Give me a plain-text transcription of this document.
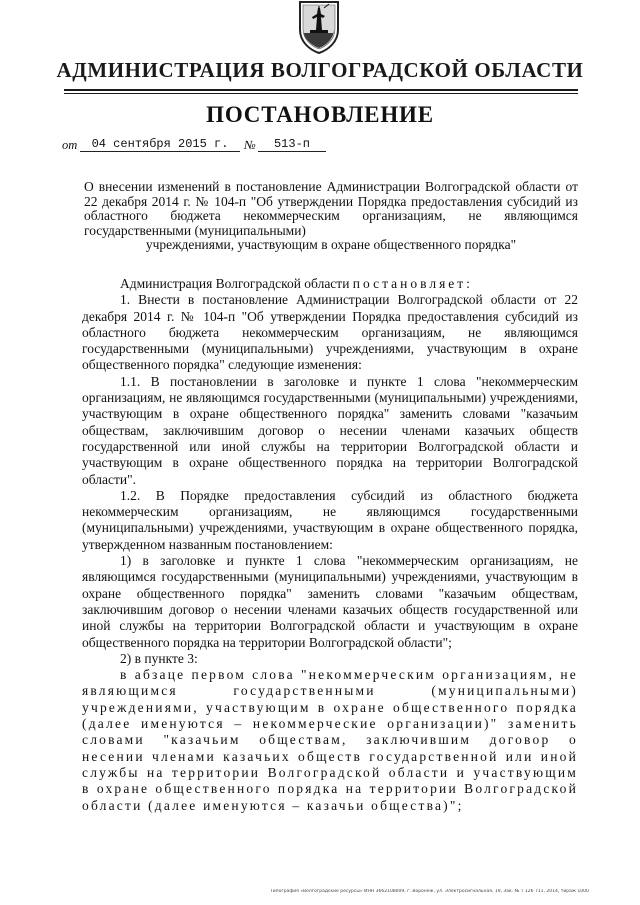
АДМИНИСТРАЦИЯ ВОЛГОГРАДСКОЙ ОБЛАСТИ
ПОСТАНОВЛЕНИЕ
от	04 сентября 2015 г.	№	513-п
О внесении изменений в постановление Администрации Волгоградской области от 22 декабря 2014 г. № 104-п "Об утверждении Порядка предоставления субсидий из областного бюджета некоммерческим организациям, не являющимся государственными (муниципальными)
учреждениями, участвующим в охране общественного порядка"

Администрация Волгоградской области постановляет:

1. Внести в постановление Администрации Волгоградской области от 22 декабря 2014 г. № 104-п "Об утверждении Порядка предоставления субсидий из областного бюджета некоммерческим организациям, не являющимся государственными (муниципальными) учреждениями, участвующим в охране общественного порядка" следующие изменения:

1.1. В постановлении в заголовке и пункте 1 слова "некоммерческим организациям, не являющимся государственными (муниципальными) учреждениями, участвующим в охране общественного порядка" заменить словами "казачьим обществам, заключившим договор о несении членами казачьих обществ государственной или иной службы на территории Волгоградской области и участвующим в охране общественного порядка на территории Волгоградской области".

1.2. В Порядке предоставления субсидий из областного бюджета некоммерческим организациям, не являющимся государственными (муниципальными) учреждениями, участвующим в охране общественного порядка, утвержденном названным постановлением:

1) в заголовке и пункте 1 слова "некоммерческим организациям, не являющимся государственными (муниципальными) учреждениями, участвующим в охране общественного порядка" заменить словами "казачьим обществам, заключившим договор о несении членами казачьих обществ государственной или иной службы на территории Волгоградской области и участвующим в охране общественного порядка на территории Волгоградской области";

2) в пункте 3:

в абзаце первом слова "некоммерческим организациям, не являющимся государственными (муниципальными) учреждениями, участвующим в охране общественного порядка (далее именуются – некоммерческие организации)" заменить словами "казачьим обществам, заключившим договор о несении членами казачьих обществ государственной или иной службы на территории Волгоградской области и участвующим в охране общественного порядка на территории Волгоградской области (далее именуются – казачьи общества)";

Типография «Волгоградские ресурсы» ИНН 3662108009, г. Воронеж, ул. Электросигнальная, 19, Зак. № Т 126 711, 2014, тираж 1000
